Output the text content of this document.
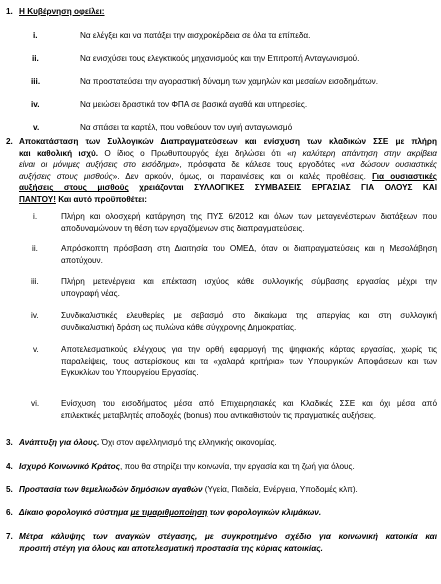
1. Η Κυβέρνηση οφείλει:
i.	Να ελέγξει και να πατάξει την αισχροκέρδεια σε όλα τα επίπεδα.
ii.	Να ενισχύσει τους ελεγκτικούς μηχανισμούς και την Επιτροπή Ανταγωνισμού.
iii.	Να προστατεύσει την αγοραστική δύναμη των χαμηλών και μεσαίων εισοδημάτων.
iv.	Να μειώσει δραστικά τον ΦΠΑ σε βασικά αγαθά και υπηρεσίες.
v.	Να σπάσει τα καρτέλ, που νοθεύουν τον υγιή ανταγωνισμό
2. Αποκατάσταση των Συλλογικών Διαπραγματεύσεων και ενίσχυση των κλαδικών ΣΣΕ με πλήρη
και καθολική ισχύ. Ο ίδιος ο Πρωθυπουργός έχει δηλώσει ότι «η καλύτερη απάντηση στην ακρίβεια
είναι οι μόνιμες αυξήσεις στο εισόδημα», πρόσφατα δε κάλεσε τους εργοδότες «να δώσουν ουσιαστικές
αυξήσεις στους μισθούς». Δεν αρκούν, όμως, οι παραινέσεις και οι καλές προθέσεις. Για ουσιαστικές
αυξήσεις στους μισθούς χρειάζονται ΣΥΛΛΟΓΙΚΕΣ ΣΥΜΒΑΣΕΙΣ ΕΡΓΑΣΙΑΣ ΓΙΑ ΟΛΟΥΣ ΚΑΙ
ΠΑΝΤΟΥ! Και αυτό προϋποθέτει:
i.	Πλήρη και ολοσχερή κατάργηση της ΠΥΣ 6/2012 και όλων των μεταγενέστερων διατάξεων που
αποδυναμώνουν τη θέση των εργαζόμενων στις διαπραγματεύσεις.
ii.	Απρόσκοπτη πρόσβαση στη Διαιτησία του ΟΜΕΔ, όταν οι διαπραγματεύσεις και η Μεσολάβηση
αποτύχουν.
iii.	Πλήρη μετενέργεια και επέκταση ισχύος κάθε συλλογικής σύμβασης εργασίας μέχρι την
υπογραφή νέας.
iv.	Συνδικαλιστικές ελευθερίες με σεβασμό στο δικαίωμα της απεργίας και στη συλλογική
συνδικαλιστική δράση ως πυλώνα κάθε σύγχρονης Δημοκρατίας.
v.	Αποτελεσματικούς ελέγχους για την ορθή εφαρμογή της ψηφιακής κάρτας εργασίας, χωρίς τις
παραλείψεις, τους αστερίσκους και τα «χαλαρά κριτήρια» των Υπουργικών Αποφάσεων και των
Εγκυκλίων του Υπουργείου Εργασίας.
vi.	Ενίσχυση του εισοδήματος μέσα από Επιχειρησιακές και Κλαδικές ΣΣΕ και όχι μέσα από
επιλεκτικές μεταβλητές αποδοχές (bonus) που αντικαθιστούν τις πραγματικές αυξήσεις.
3. Ανάπτυξη για όλους. Όχι στον αφελληνισμό της ελληνικής οικονομίας.
4. Ισχυρό Κοινωνικό Κράτος, που θα στηρίζει την κοινωνία, την εργασία και τη ζωή για όλους.
5. Προστασία των θεμελιωδών δημόσιων αγαθών (Υγεία, Παιδεία, Ενέργεια, Υποδομές κλπ).
6. Δίκαιο φορολογικό σύστημα με τιμαριθμοποίηση των φορολογικών κλιμάκων.
7. Μέτρα κάλυψης των αναγκών στέγασης, με συγκροτημένο σχέδιο για κοινωνική κατοικία και
προσιτή στέγη για όλους και αποτελεσματική προστασία της κύριας κατοικίας.
